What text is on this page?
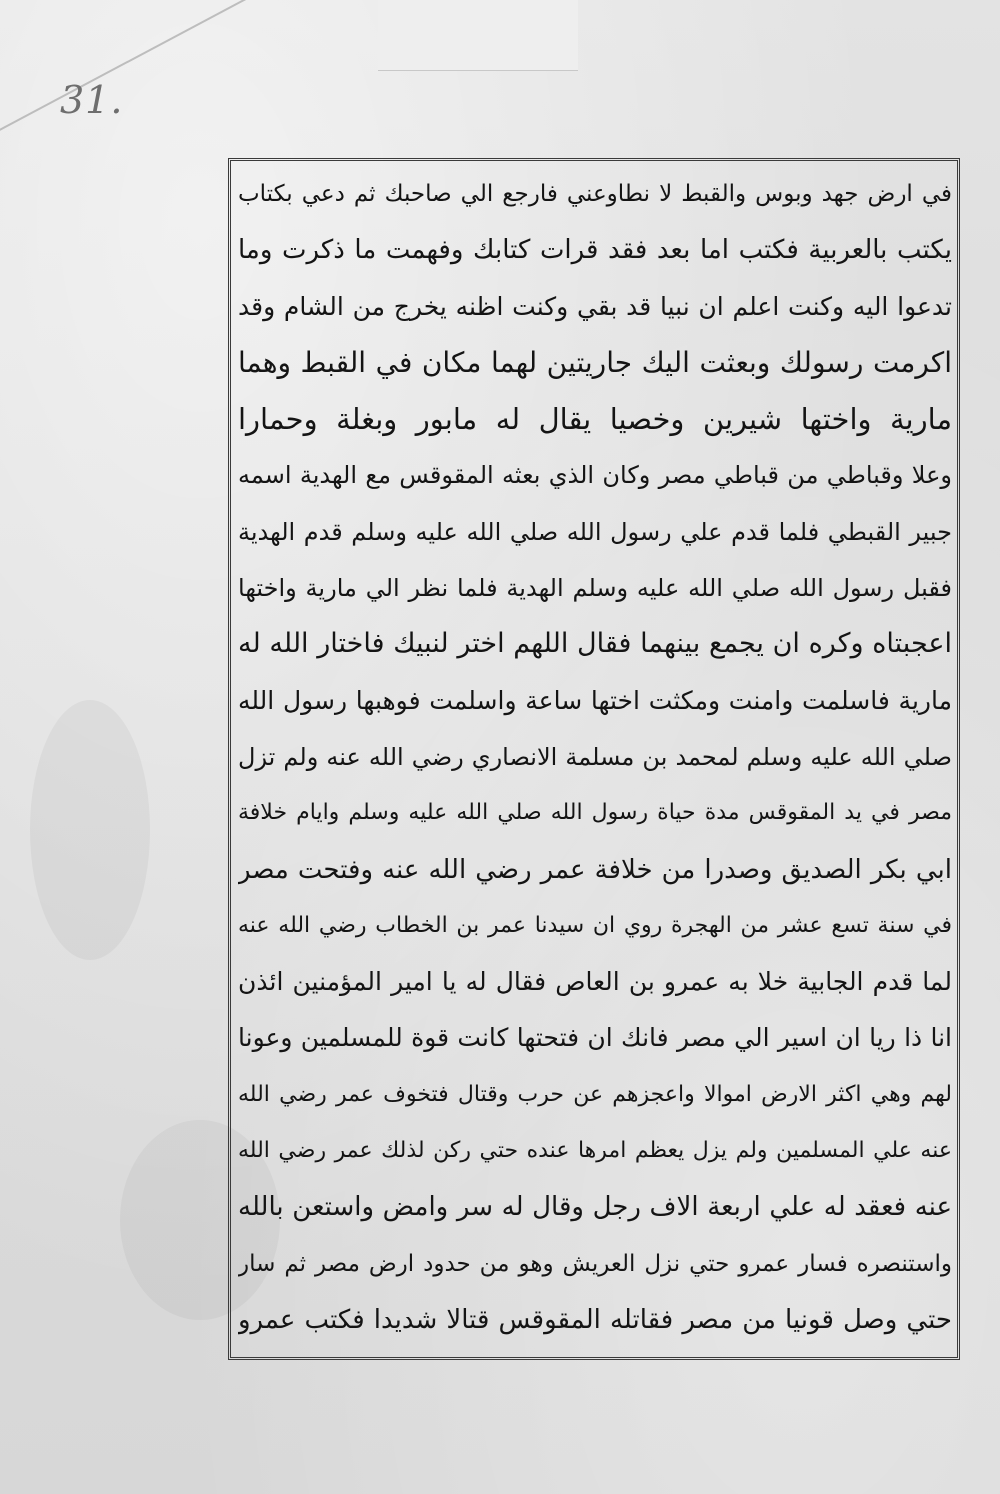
31.
في ارض جهد وبوس والقبط لا نطاوعني فارجع الي صاحبك ثم دعي بكتاب
يكتب بالعربية فكتب اما بعد فقد قرات كتابك وفهمت ما ذكرت وما
تدعوا اليه وكنت اعلم ان نبيا قد بقي وكنت اظنه يخرج من الشام وقد
اكرمت رسولك وبعثت اليك جاريتين لهما مكان في القبط وهما
مارية واختها شيرين وخصيا يقال له مابور وبغلة وحمارا
وعلا وقباطي من قباطي مصر وكان الذي بعثه المقوقس مع الهدية اسمه
جبير القبطي فلما قدم علي رسول الله صلي الله عليه وسلم قدم الهدية
فقبل رسول الله صلي الله عليه وسلم الهدية فلما نظر الي مارية واختها
اعجبتاه وكره ان يجمع بينهما فقال اللهم اختر لنبيك فاختار الله له
مارية فاسلمت وامنت ومكثت اختها ساعة واسلمت فوهبها رسول الله
صلي الله عليه وسلم لمحمد بن مسلمة الانصاري رضي الله عنه ولم تزل
مصر في يد المقوقس مدة حياة رسول الله صلي الله عليه وسلم وايام خلافة
ابي بكر الصديق وصدرا من خلافة عمر رضي الله عنه وفتحت مصر
في سنة تسع عشر من الهجرة روي ان سيدنا عمر بن الخطاب رضي الله عنه
لما قدم الجابية خلا به عمرو بن العاص فقال له يا امير المؤمنين ائذن
انا ذا ريا ان اسير الي مصر فانك ان فتحتها كانت قوة للمسلمين وعونا
لهم وهي اكثر الارض اموالا واعجزهم عن حرب وقتال فتخوف عمر رضي الله
عنه علي المسلمين ولم يزل يعظم امرها عنده حتي ركن لذلك عمر رضي الله
عنه فعقد له علي اربعة الاف رجل وقال له سر وامض واستعن بالله
واستنصره فسار عمرو حتي نزل العريش وهو من حدود ارض مصر ثم سار
حتي وصل قونيا من مصر فقاتله المقوقس قتالا شديدا فكتب عمرو
